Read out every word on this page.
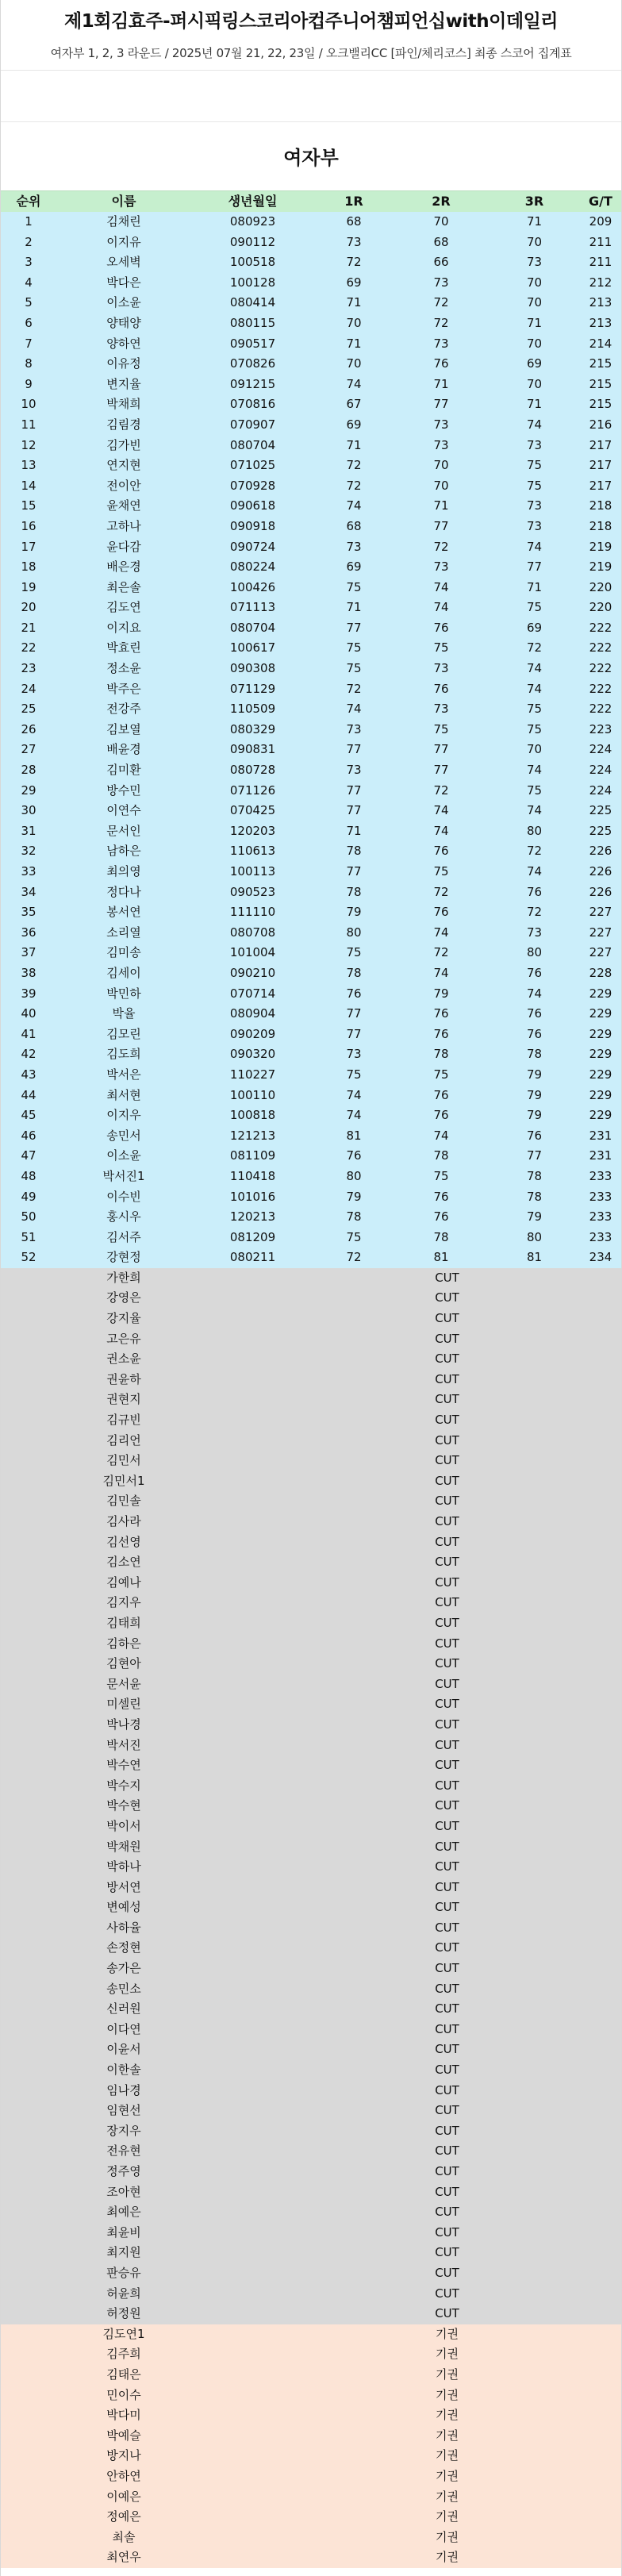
제1회김효주-퍼시픽링스코리아컵주니어챔피언십with이데일리
여자부 1, 2, 3 라운드 / 2025년 07월 21, 22, 23일 / 오크밸리CC [파인/체리코스] 최종 스코어 집계표
여자부
순위	이름	생년월일	1R	2R	3R	G/T
1	김채린	080923	68	70	71	209
2	이지유	090112	73	68	70	211
3	오세벽	100518	72	66	73	211
4	박다은	100128	69	73	70	212
5	이소윤	080414	71	72	70	213
6	양태양	080115	70	72	71	213
7	양하연	090517	71	73	70	214
8	이유정	070826	70	76	69	215
9	변지율	091215	74	71	70	215
10	박채희	070816	67	77	71	215
11	김림경	070907	69	73	74	216
12	김가빈	080704	71	73	73	217
13	연지현	071025	72	70	75	217
14	전이안	070928	72	70	75	217
15	윤채연	090618	74	71	73	218
16	고하나	090918	68	77	73	218
17	윤다감	090724	73	72	74	219
18	배은경	080224	69	73	77	219
19	최은솔	100426	75	74	71	220
20	김도연	071113	71	74	75	220
21	이지요	080704	77	76	69	222
22	박효린	100617	75	75	72	222
23	정소윤	090308	75	73	74	222
24	박주은	071129	72	76	74	222
25	전강주	110509	74	73	75	222
26	김보열	080329	73	75	75	223
27	배윤경	090831	77	77	70	224
28	김미환	080728	73	77	74	224
29	방수민	071126	77	72	75	224
30	이연수	070425	77	74	74	225
31	문서인	120203	71	74	80	225
32	남하은	110613	78	76	72	226
33	최의영	100113	77	75	74	226
34	정다나	090523	78	72	76	226
35	봉서연	111110	79	76	72	227
36	소리열	080708	80	74	73	227
37	김미송	101004	75	72	80	227
38	김세이	090210	78	74	76	228
39	박민하	070714	76	79	74	229
40	박율	080904	77	76	76	229
41	김모린	090209	77	76	76	229
42	김도희	090320	73	78	78	229
43	박서은	110227	75	75	79	229
44	최서현	100110	74	76	79	229
45	이지우	100818	74	76	79	229
46	송민서	121213	81	74	76	231
47	이소윤	081109	76	78	77	231
48	박서진1	110418	80	75	78	233
49	이수빈	101016	79	76	78	233
50	홍시우	120213	78	76	79	233
51	김서주	081209	75	78	80	233
52	강현정	080211	72	81	81	234
가한희	CUT
강영은	CUT
강지율	CUT
고은유	CUT
권소윤	CUT
권윤하	CUT
권현지	CUT
김규빈	CUT
김리언	CUT
김민서	CUT
김민서1	CUT
김민솔	CUT
김사라	CUT
김선영	CUT
김소연	CUT
김예나	CUT
김지우	CUT
김태희	CUT
김하은	CUT
김현아	CUT
문서윤	CUT
미셀린	CUT
박나경	CUT
박서진	CUT
박수연	CUT
박수지	CUT
박수현	CUT
박이서	CUT
박채원	CUT
박하나	CUT
방서연	CUT
변예성	CUT
사하율	CUT
손정현	CUT
송가은	CUT
송민소	CUT
신러원	CUT
이다연	CUT
이윤서	CUT
이한솔	CUT
임나경	CUT
임현선	CUT
장지우	CUT
전유현	CUT
정주영	CUT
조아현	CUT
최예은	CUT
최윤비	CUT
최지원	CUT
판승유	CUT
허윤희	CUT
허정원	CUT
김도연1	기권
김주희	기권
김태은	기권
민이수	기권
박다미	기권
박예슬	기권
방지나	기권
안하연	기권
이예은	기권
정예은	기권
최솔	기권
최연우	기권
